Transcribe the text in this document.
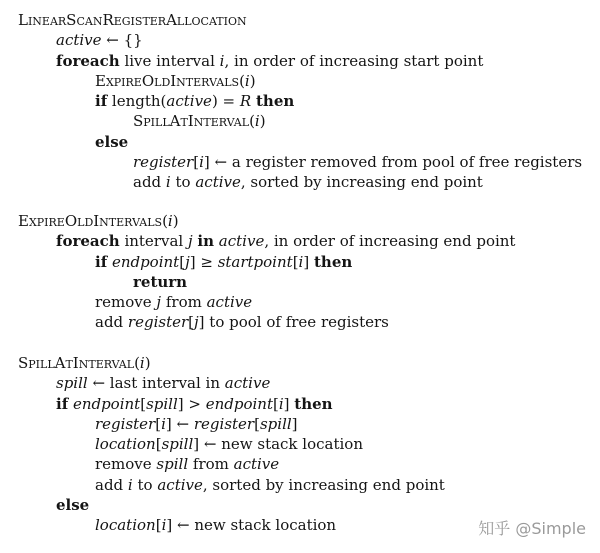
LinearScanRegisterAllocation
active ← {}
foreach live interval i, in order of increasing start point
ExpireOldIntervals(i)
if length(active) = R then
SpillAtInterval(i)
else
register[i] ← a register removed from pool of free registers
add i to active, sorted by increasing end point
ExpireOldIntervals(i)
foreach interval j in active, in order of increasing end point
if endpoint[j] ≥ startpoint[i] then
return
remove j from active
add register[j] to pool of free registers
SpillAtInterval(i)
spill ← last interval in active
if endpoint[spill] > endpoint[i] then
register[i] ← register[spill]
location[spill] ← new stack location
remove spill from active
add i to active, sorted by increasing end point
else
location[i] ← new stack location	知乎 @Simple
